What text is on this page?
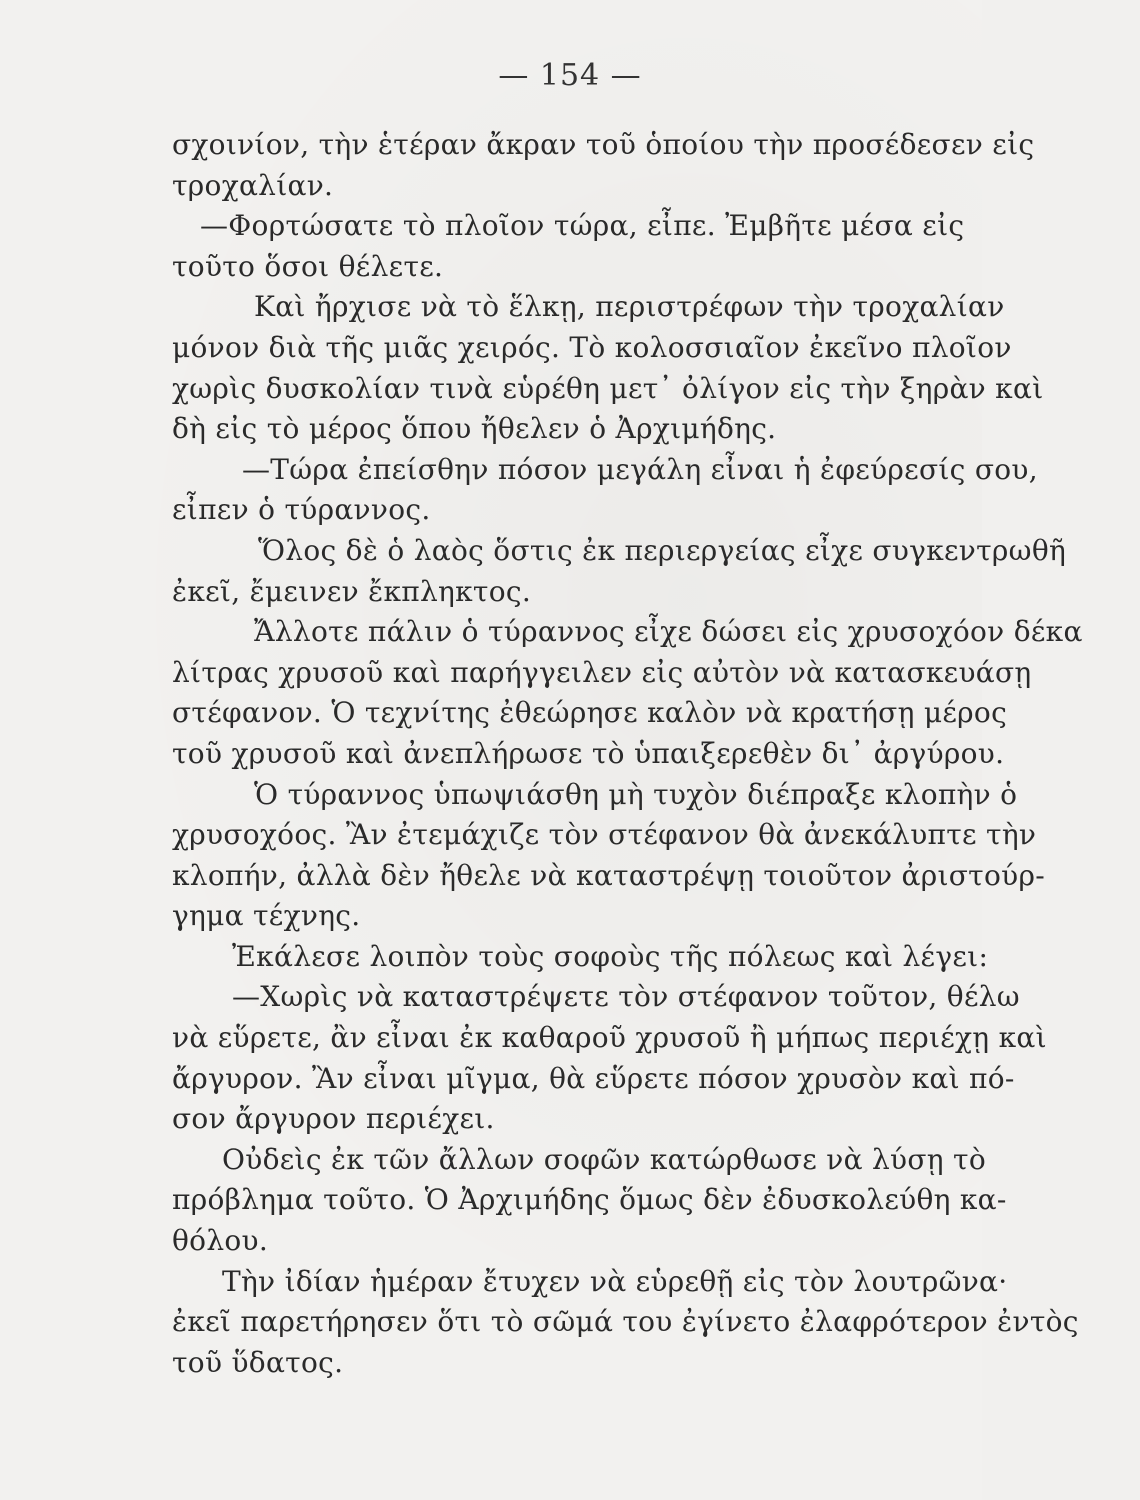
— 154 —
σχοινίον, τὴν ἑτέραν ἄκραν τοῦ ὁποίου τὴν προσέδεσεν εἰς
τροχαλίαν.
—Φορτώσατε τὸ πλοῖον τώρα, εἶπε. Ἐμβῆτε μέσα εἰς
τοῦτο ὅσοι θέλετε.
Καὶ ἤρχισε νὰ τὸ ἕλκῃ, περιστρέφων τὴν τροχαλίαν
μόνον διὰ τῆς μιᾶς χειρός. Τὸ κολοσσιαῖον ἐκεῖνο πλοῖον
χωρὶς δυσκολίαν τινὰ εὑρέθη μετ᾽ ὀλίγον εἰς τὴν ξηρὰν καὶ
δὴ εἰς τὸ μέρος ὅπου ἤθελεν ὁ Ἀρχιμήδης.
—Τώρα ἐπείσθην πόσον μεγάλη εἶναι ἡ ἐφεύρεσίς σου,
εἶπεν ὁ τύραννος.
Ὅλος δὲ ὁ λαὸς ὅστις ἐκ περιεργείας εἶχε συγκεντρωθῆ
ἐκεῖ, ἔμεινεν ἔκπληκτος.
Ἄλλοτε πάλιν ὁ τύραννος εἶχε δώσει εἰς χρυσοχόον δέκα
λίτρας χρυσοῦ καὶ παρήγγειλεν εἰς αὐτὸν νὰ κατασκευάσῃ
στέφανον. Ὁ τεχνίτης ἐθεώρησε καλὸν νὰ κρατήσῃ μέρος
τοῦ χρυσοῦ καὶ ἀνεπλήρωσε τὸ ὑπαιξερεθὲν δι᾽ ἀργύρου.
Ὁ τύραννος ὑπωψιάσθη μὴ τυχὸν διέπραξε κλοπὴν ὁ
χρυσοχόος. Ἂν ἐτεμάχιζε τὸν στέφανον θὰ ἀνεκάλυπτε τὴν
κλοπήν, ἀλλὰ δὲν ἤθελε νὰ καταστρέψῃ τοιοῦτον ἀριστούρ-
γημα τέχνης.
Ἐκάλεσε λοιπὸν τοὺς σοφοὺς τῆς πόλεως καὶ λέγει:
—Χωρὶς νὰ καταστρέψετε τὸν στέφανον τοῦτον, θέλω
νὰ εὕρετε, ἂν εἶναι ἐκ καθαροῦ χρυσοῦ ἢ μήπως περιέχῃ καὶ
ἄργυρον. Ἂν εἶναι μῖγμα, θὰ εὕρετε πόσον χρυσὸν καὶ πό-
σον ἄργυρον περιέχει.
Οὐδεὶς ἐκ τῶν ἄλλων σοφῶν κατώρθωσε νὰ λύσῃ τὸ
πρόβλημα τοῦτο. Ὁ Ἀρχιμήδης ὅμως δὲν ἐδυσκολεύθη κα-
θόλου.
Τὴν ἰδίαν ἡμέραν ἔτυχεν νὰ εὑρεθῇ εἰς τὸν λουτρῶνα·
ἐκεῖ παρετήρησεν ὅτι τὸ σῶμά του ἐγίνετο ἐλαφρότερον ἐντὸς
τοῦ ὕδατος.
